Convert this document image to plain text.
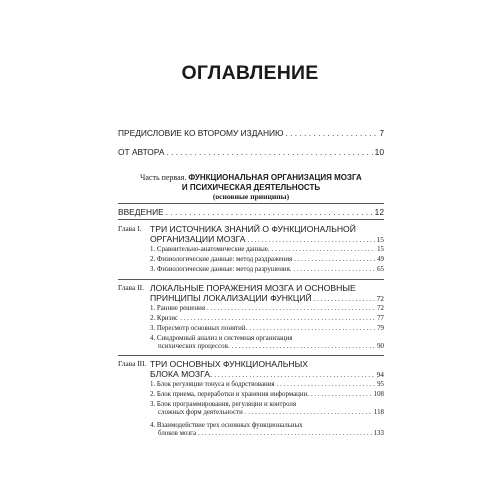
ОГЛАВЛЕНИЕ
ПРЕДИСЛОВИЕ КО ВТОРОМУ ИЗДАНИЮ . . .	7
ОТ АВТОРА . . .	10
Часть первая. ФУНКЦИОНАЛЬНАЯ ОРГАНИЗАЦИЯ МОЗГА
И ПСИХИЧЕСКАЯ ДЕЯТЕЛЬНОСТЬ
(основные принципы)
ВВЕДЕНИЕ . . .	12
Глава I. ТРИ ИСТОЧНИКА ЗНАНИЙ О ФУНКЦИОНАЛЬНОЙ
ОРГАНИЗАЦИИ МОЗГА . . .	15
1. Сравнительно-анатомические данные. . . .	15
2. Физиологические данные: метод раздражения . . .	49
3. Физиологические данные: метод разрушения. . . .	65
Глава II. ЛОКАЛЬНЫЕ ПОРАЖЕНИЯ МОЗГА И ОСНОВНЫЕ
ПРИНЦИПЫ ЛОКАЛИЗАЦИИ ФУНКЦИЙ . . .	72
1. Ранние решения . . .	72
2. Кризис . . .	77
3. Пересмотр основных понятий. . . .	79
4. Синдромный анализ и системная организация
психических процессов. . . .	90
Глава III. ТРИ ОСНОВНЫХ ФУНКЦИОНАЛЬНЫХ
БЛОКА МОЗГА. . . .	94
1. Блок регуляции тонуса и бодрствования . . .	95
2. Блок приема, переработки и хранения информации. . . .	108
3. Блок программирования, регуляции и контроля
сложных форм деятельности . . .	118
4. Взаимодействие трех основных функциональных
блоков мозга . . .	133
